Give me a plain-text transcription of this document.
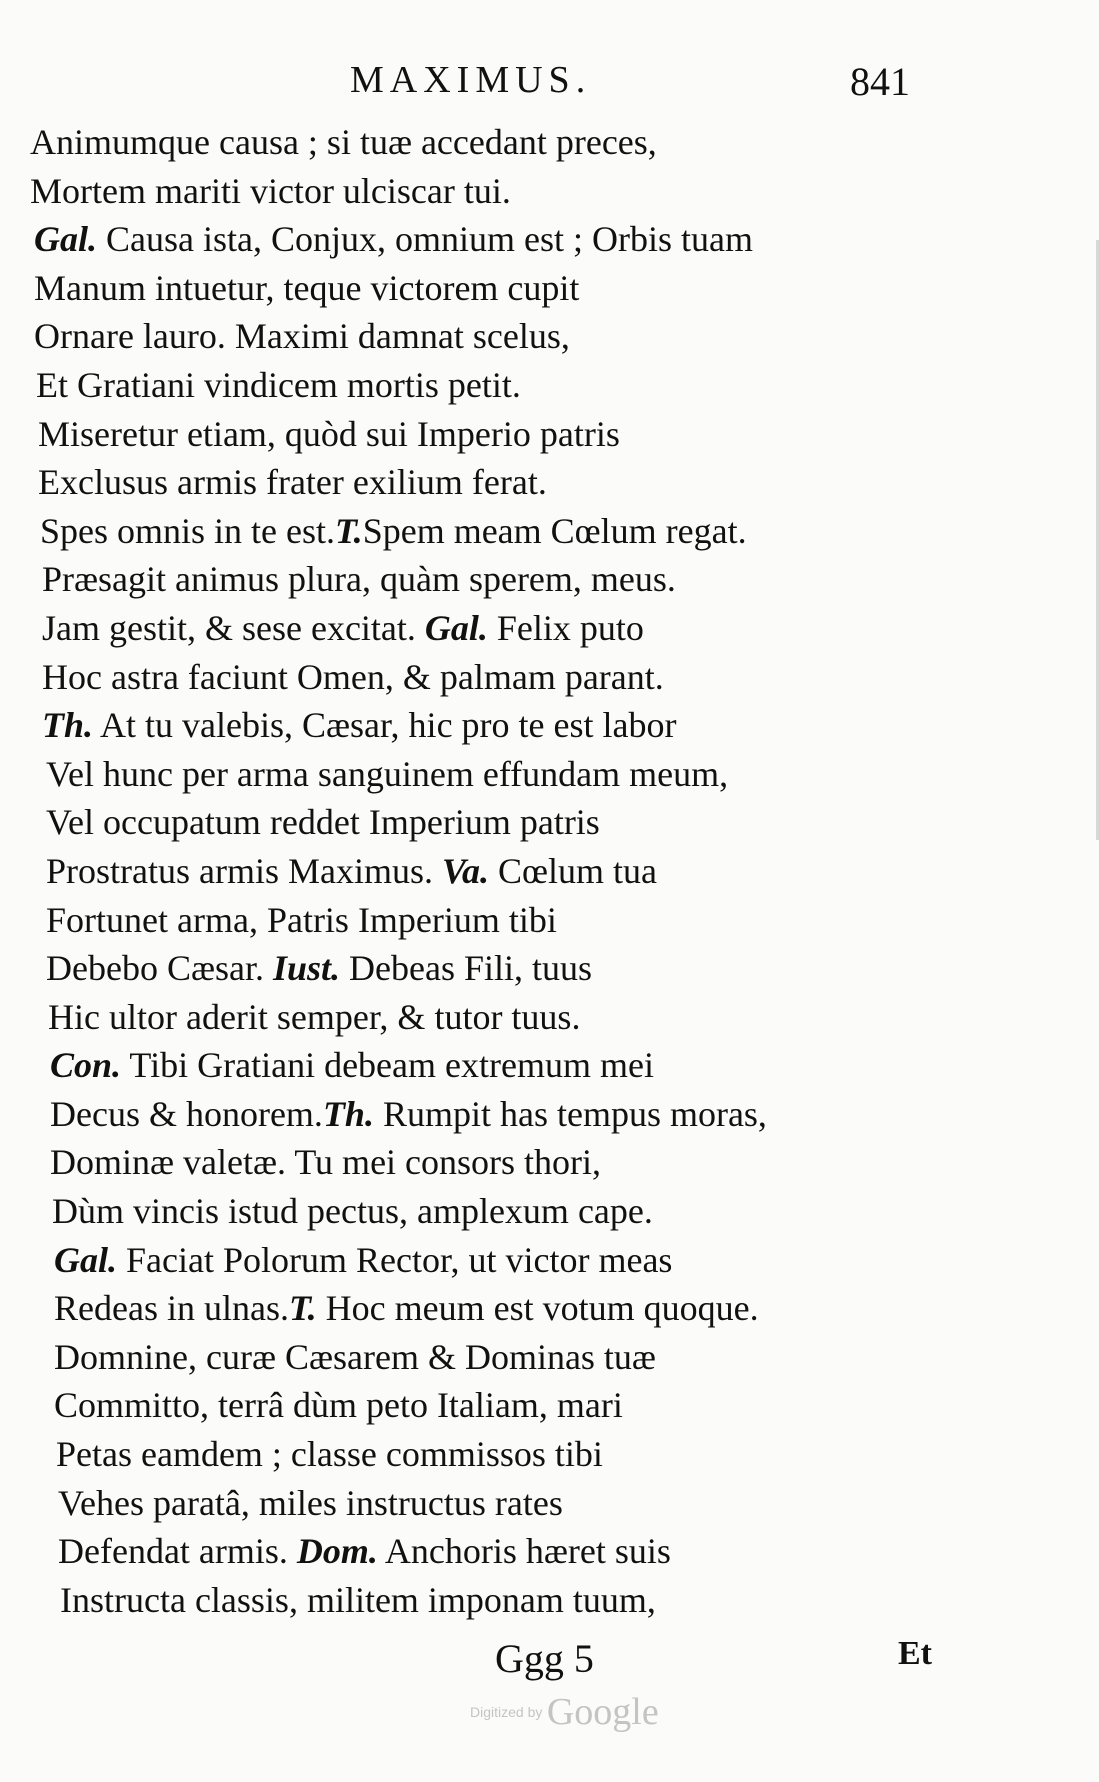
MAXIMUS.	841
Animumque causa ; si tuæ accedant preces,
Mortem mariti victor ulciscar tui.
Gal. Causa ista, Conjux, omnium est ; Orbis tuam
Manum intuetur, teque victorem cupit
Ornare lauro. Maximi damnat scelus,
Et Gratiani vindicem mortis petit.
Miseretur etiam, quòd sui Imperio patris
Exclusus armis frater exilium ferat.
Spes omnis in te est.T.Spem meam Cœlum regat.
Præsagit animus plura, quàm sperem, meus.
Jam gestit, & sese excitat. Gal. Felix puto
Hoc astra faciunt Omen, & palmam parant.
Th. At tu valebis, Cæsar, hic pro te est labor
Vel hunc per arma sanguinem effundam meum,
Vel occupatum reddet Imperium patris
Prostratus armis Maximus. Va. Cœlum tua
Fortunet arma, Patris Imperium tibi
Debebo Cæsar. Iust. Debeas Fili, tuus
Hic ultor aderit semper, & tutor tuus.
Con. Tibi Gratiani debeam extremum mei
Decus & honorem.Th. Rumpit has tempus moras,
Dominæ valetæ. Tu mei consors thori,
Dùm vincis istud pectus, amplexum cape.
Gal. Faciat Polorum Rector, ut victor meas
Redeas in ulnas.T. Hoc meum est votum quoque.
Domnine, curæ Cæsarem & Dominas tuæ
Committo, terrâ dùm peto Italiam, mari
Petas eamdem ; classe commissos tibi
Vehes paratâ, miles instructus rates
Defendat armis. Dom. Anchoris hæret suis
Instructa classis, militem imponam tuum,
Ggg 5	Et
Digitized by Google
